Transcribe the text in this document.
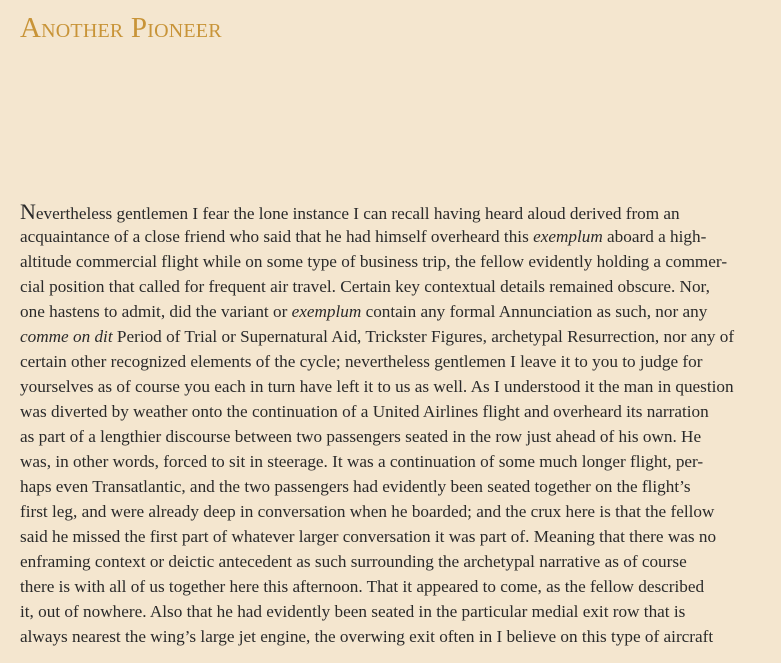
Another Pioneer
Nevertheless gentlemen I fear the lone instance I can recall having heard aloud derived from an
acquaintance of a close friend who said that he had himself overheard this exemplum aboard a high-
altitude commercial flight while on some type of business trip, the fellow evidently holding a commer-
cial position that called for frequent air travel. Certain key contextual details remained obscure. Nor,
one hastens to admit, did the variant or exemplum contain any formal Annunciation as such, nor any
comme on dit Period of Trial or Supernatural Aid, Trickster Figures, archetypal Resurrection, nor any of
certain other recognized elements of the cycle; nevertheless gentlemen I leave it to you to judge for
yourselves as of course you each in turn have left it to us as well. As I understood it the man in question
was diverted by weather onto the continuation of a United Airlines flight and overheard its narration
as part of a lengthier discourse between two passengers seated in the row just ahead of his own. He
was, in other words, forced to sit in steerage. It was a continuation of some much longer flight, per-
haps even Transatlantic, and the two passengers had evidently been seated together on the flight’s
first leg, and were already deep in conversation when he boarded; and the crux here is that the fellow
said he missed the first part of whatever larger conversation it was part of. Meaning that there was no
enframing context or deictic antecedent as such surrounding the archetypal narrative as of course
there is with all of us together here this afternoon. That it appeared to come, as the fellow described
it, out of nowhere. Also that he had evidently been seated in the particular medial exit row that is
always nearest the wing’s large jet engine, the overwing exit often in I believe on this type of aircraft
